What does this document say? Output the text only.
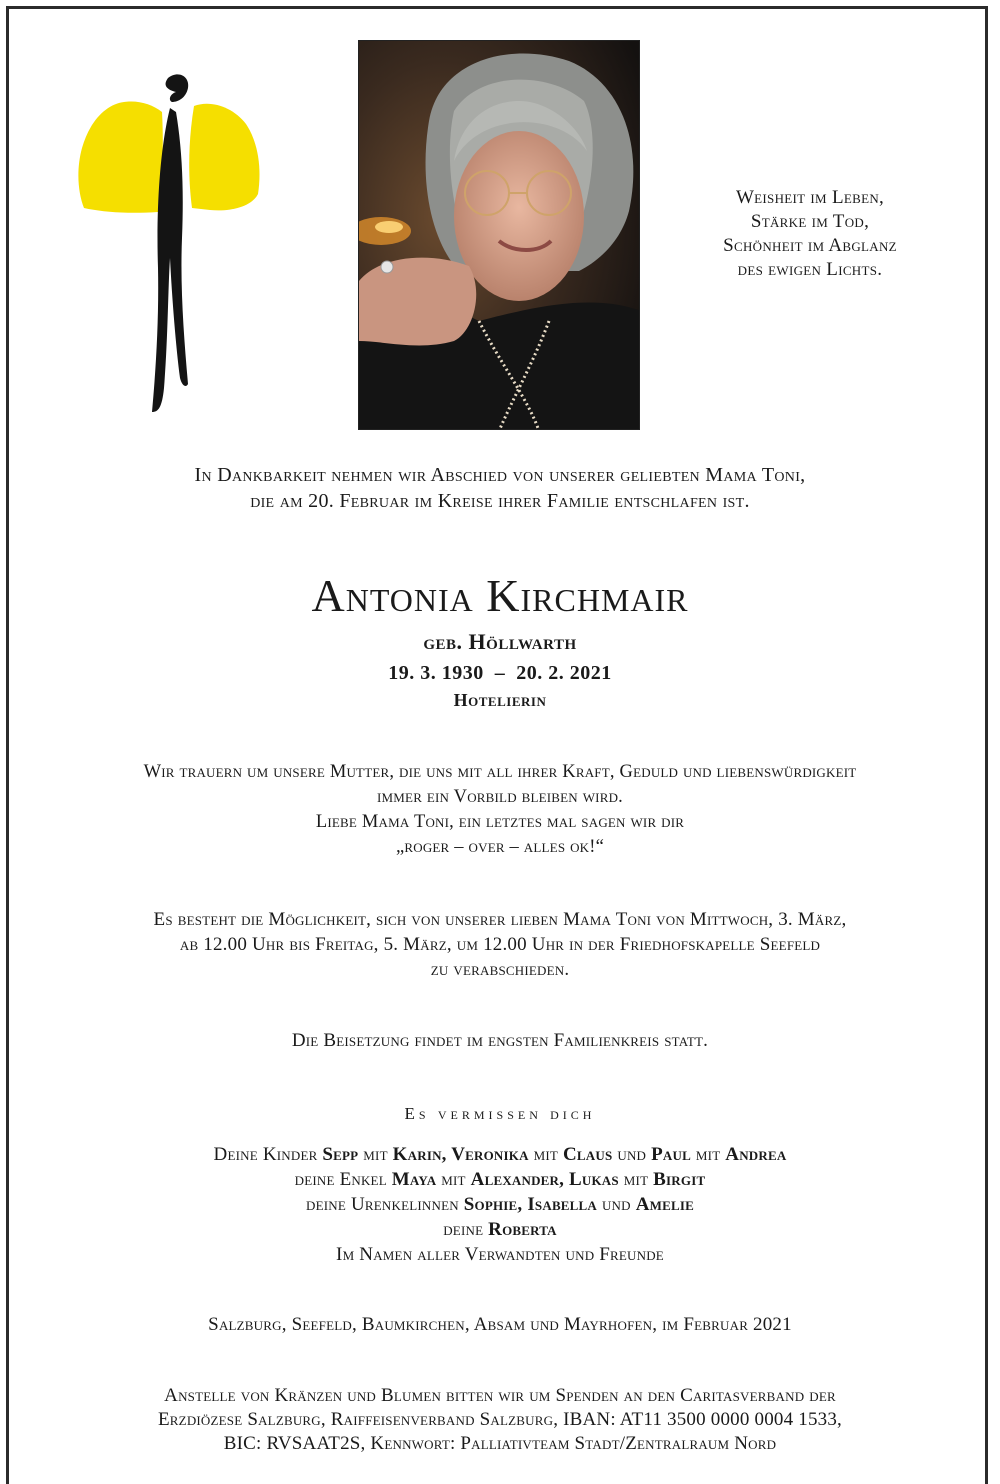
Weisheit im Leben,
Stärke im Tod,
Schönheit im Abglanz
des ewigen Lichts.
In Dankbarkeit nehmen wir Abschied von unserer geliebten Mama Toni,
die am 20. Februar im Kreise ihrer Familie entschlafen ist.
Antonia Kirchmair
geb. Höllwarth
19. 3. 1930  –  20. 2. 2021
Hotelierin
Wir trauern um unsere Mutter, die uns mit all ihrer Kraft, Geduld und liebenswürdigkeit
immer ein Vorbild bleiben wird.
Liebe Mama Toni, ein letztes mal sagen wir dir
„roger – over – alles ok!“
Es besteht die Möglichkeit, sich von unserer lieben Mama Toni von Mittwoch, 3. März,
ab 12.00 Uhr bis Freitag, 5. März, um 12.00 Uhr in der Friedhofskapelle Seefeld
zu verabschieden.
Die Beisetzung findet im engsten Familienkreis statt.
Es vermissen dich
Deine Kinder Sepp mit Karin, Veronika mit Claus und Paul mit Andrea
deine Enkel Maya mit Alexander, Lukas mit Birgit
deine Urenkelinnen Sophie, Isabella und Amelie
deine Roberta
Im Namen aller Verwandten und Freunde
Salzburg, Seefeld, Baumkirchen, Absam und Mayrhofen, im Februar 2021
Anstelle von Kränzen und Blumen bitten wir um Spenden an den Caritasverband der
Erzdiözese Salzburg, Raiffeisenverband Salzburg, IBAN: AT11 3500 0000 0004 1533,
BIC: RVSAAT2S, Kennwort: Palliativteam Stadt/Zentralraum Nord
